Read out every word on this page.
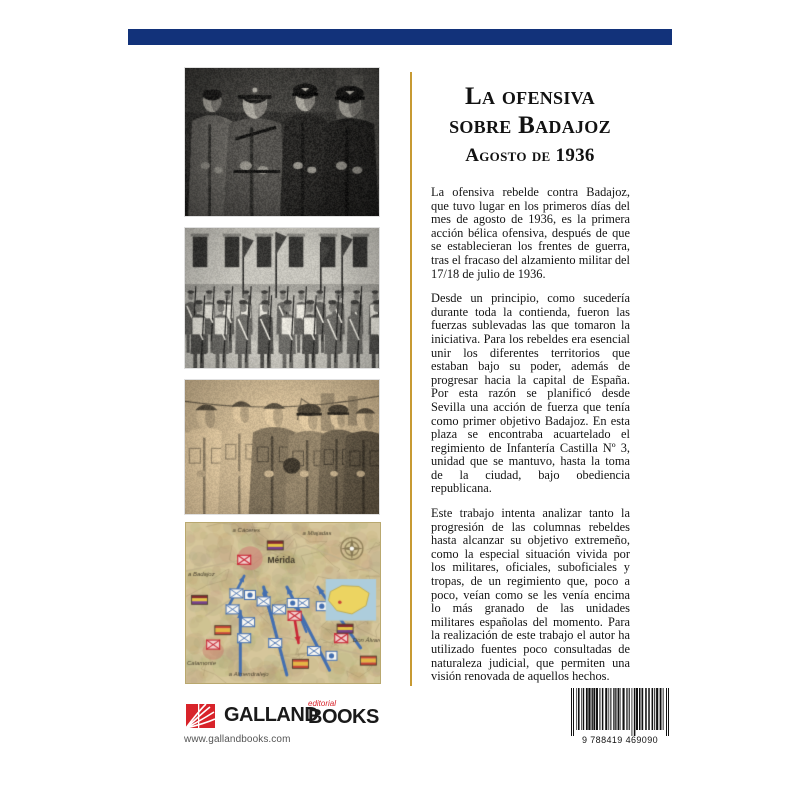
GALLAND
editorial
BOOKS
www.gallandbooks.com
La ofensiva
sobre Badajoz
Agosto de 1936

La ofensiva rebelde contra Badajoz, que tuvo lugar en los primeros días del mes de agosto de 1936, es la primera acción bélica ofensiva, después de que se establecieran los frentes de guerra, tras el fracaso del alzamiento militar del 17/18 de julio de 1936.

Desde un principio, como sucedería durante toda la contienda, fueron las fuerzas sublevadas las que tomaron la iniciativa. Para los rebeldes era esencial unir los diferentes territorios que estaban bajo su poder, además de progresar hacia la capital de España. Por esta razón se planificó desde Sevilla una acción de fuerza que tenía como primer objetivo Badajoz. En esta plaza se encontraba acuartelado el regimiento de Infantería Castilla Nº 3, unidad que se mantuvo, hasta la toma de la ciudad, bajo obediencia republicana.

Este trabajo intenta analizar tanto la progresión de las columnas rebeldes hasta alcanzar su objetivo extremeño, como la especial situación vivida por los militares, oficiales, suboficiales y tropas, de un regimiento que, poco a poco, veían como se les venía encima lo más granado de las unidades militares españolas del momento. Para la realización de este trabajo el autor ha utilizado fuentes poco consultadas de naturaleza judicial, que permiten una visión renovada de aquellos hechos.

9 788419 469090
